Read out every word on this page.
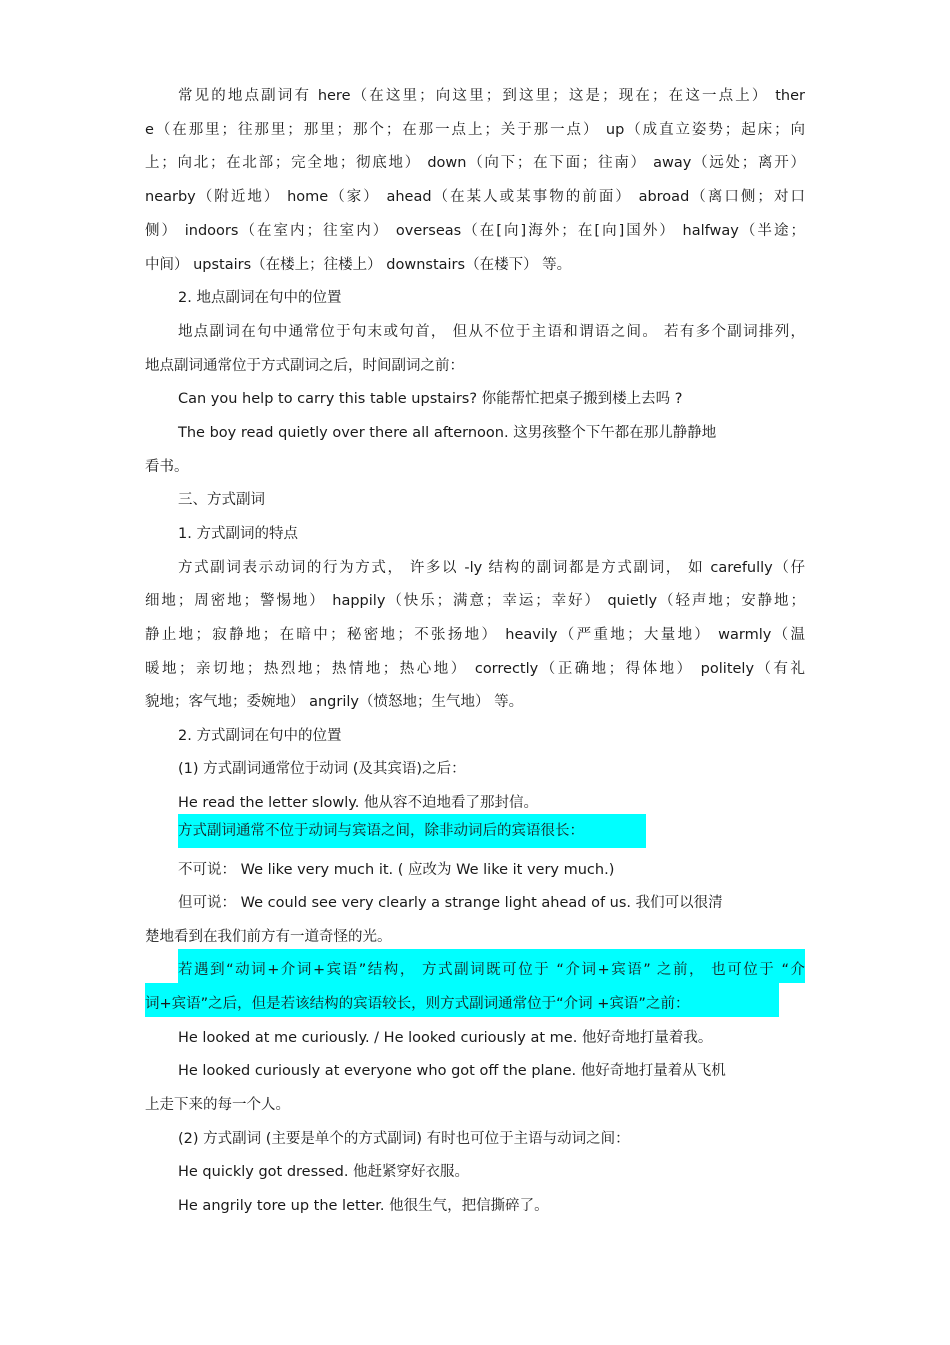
常见的地点副词有 here（在这里；向这里；到这里；这是；现在；在这一点上） ther
e（在那里；往那里；那里；那个；在那一点上；关于那一点） up（成直立姿势；起床；向
上；向北；在北部；完全地；彻底地） down（向下；在下面；往南） away（远处；离开）
nearby（附近地） home（家） ahead（在某人或某事物的前面） abroad（离口侧；对口
侧） indoors（在室内；往室内） overseas（在[向]海外；在[向]国外） halfway（半途；
中间） upstairs（在楼上；往楼上） downstairs（在楼下） 等。
2. 地点副词在句中的位置
地点副词在句中通常位于句末或句首， 但从不位于主语和谓语之间。 若有多个副词排列，
地点副词通常位于方式副词之后，时间副词之前：
Can you help to carry this table upstairs? 你能帮忙把桌子搬到楼上去吗 ?
The boy read quietly over there all afternoon. 这男孩整个下午都在那儿静静地
看书。
三、方式副词
1. 方式副词的特点
方式副词表示动词的行为方式， 许多以 -ly 结构的副词都是方式副词， 如 carefully（仔
细地；周密地；警惕地） happily（快乐；满意；幸运；幸好） quietly（轻声地；安静地；
静止地；寂静地；在暗中；秘密地；不张扬地） heavily（严重地；大量地） warmly（温
暖地；亲切地；热烈地；热情地；热心地） correctly（正确地；得体地） politely（有礼
貌地；客气地；委婉地） angrily（愤怒地；生气地） 等。
2. 方式副词在句中的位置
(1) 方式副词通常位于动词 (及其宾语)之后：
He read the letter slowly. 他从容不迫地看了那封信。
方式副词通常不位于动词与宾语之间，除非动词后的宾语很长：
不可说： We like very much it. ( 应改为 We like it very much.)
但可说： We could see very clearly a strange light ahead of us. 我们可以很清
楚地看到在我们前方有一道奇怪的光。
若遇到“动词+介词+宾语”结构， 方式副词既可位于 “介词+宾语” 之前， 也可位于 “介
词+宾语”之后，但是若该结构的宾语较长，则方式副词通常位于“介词 +宾语”之前：
He looked at me curiously. / He looked curiously at me. 他好奇地打量着我。
He looked curiously at everyone who got off the plane. 他好奇地打量着从飞机
上走下来的每一个人。
(2) 方式副词 (主要是单个的方式副词) 有时也可位于主语与动词之间：
He quickly got dressed. 他赶紧穿好衣服。
He angrily tore up the letter. 他很生气，把信撕碎了。
